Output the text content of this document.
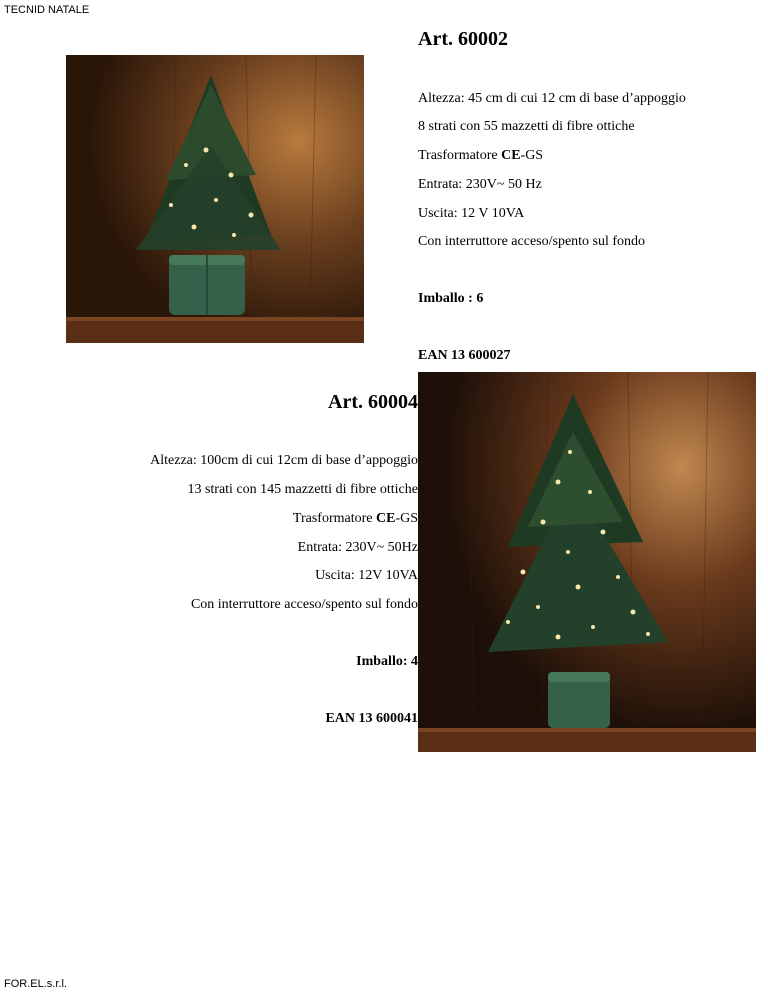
TECNID NATALE
Art. 60002
Altezza: 45 cm di cui 12 cm di base d’appoggio
8 strati con 55 mazzetti di fibre ottiche
Trasformatore CE-GS
Entrata: 230V~ 50 Hz
Uscita: 12 V 10VA
Con interruttore acceso/spento sul fondo
Imballo : 6
EAN 13 600027
Art. 60004
Altezza: 100cm di cui 12cm di base d’appoggio
13 strati con 145 mazzetti di fibre ottiche
Trasformatore CE-GS
Entrata: 230V~ 50Hz
Uscita: 12V 10VA
Con interruttore acceso/spento sul fondo
Imballo: 4
EAN 13 600041
FOR.EL.s.r.l.
